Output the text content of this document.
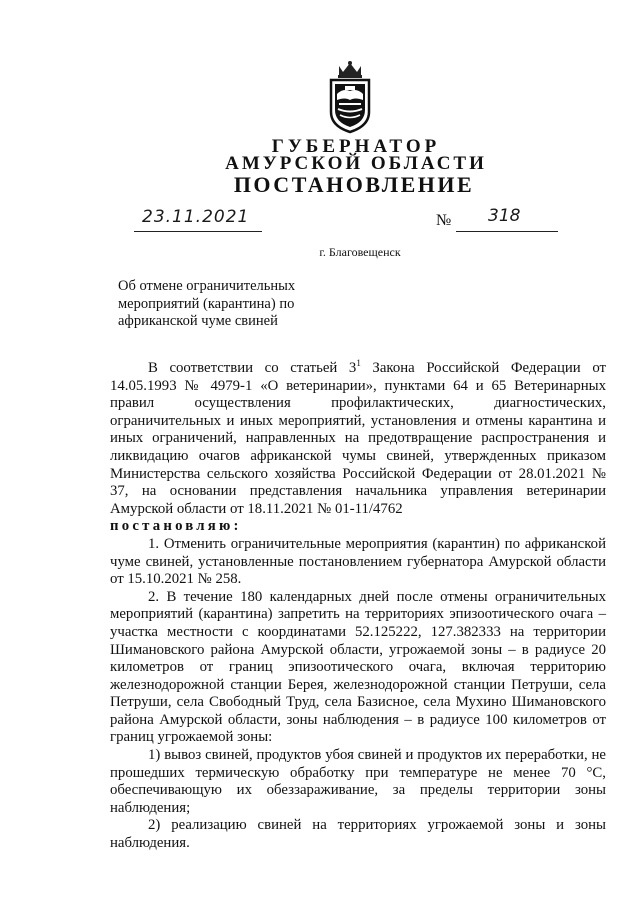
ГУБЕРНАТОР
АМУРСКОЙ ОБЛАСТИ
ПОСТАНОВЛЕНИЕ
23.11.2021	№ 318
г. Благовещенск
Об отмене ограничительных мероприятий (карантина) по африканской чуме свиней

В соответствии со статьей $3^1$ Закона Российской Федерации от 14.05.1993 № 4979-1 «О ветеринарии», пунктами 64 и 65 Ветеринарных правил осуществления профилактических, диагностических, ограничительных и иных мероприятий, установления и отмены карантина и иных ограничений, направленных на предотвращение распространения и ликвидацию очагов африканской чумы свиней, утвержденных приказом Министерства сельского хозяйства Российской Федерации от 28.01.2021 № 37, на основании представления начальника управления ветеринарии Амурской области от 18.11.2021 № 01-11/4762

постановляю:

1. Отменить ограничительные мероприятия (карантин) по африканской чуме свиней, установленные постановлением губернатора Амурской области от 15.10.2021 № 258.

2. В течение 180 календарных дней после отмены ограничительных мероприятий (карантина) запретить на территориях эпизоотического очага – участка местности с координатами 52.125222, 127.382333 на территории Шимановского района Амурской области, угрожаемой зоны – в радиусе 20 километров от границ эпизоотического очага, включая территорию железнодорожной станции Берея, железнодорожной станции Петруши, села Петруши, села Свободный Труд, села Базисное, села Мухино Шимановского района Амурской области, зоны наблюдения – в радиусе 100 километров от границ угрожаемой зоны:

1) вывоз свиней, продуктов убоя свиней и продуктов их переработки, не прошедших термическую обработку при температуре не менее 70 °С, обеспечивающую их обеззараживание, за пределы территории зоны наблюдения;

2) реализацию свиней на территориях угрожаемой зоны и зоны наблюдения.
